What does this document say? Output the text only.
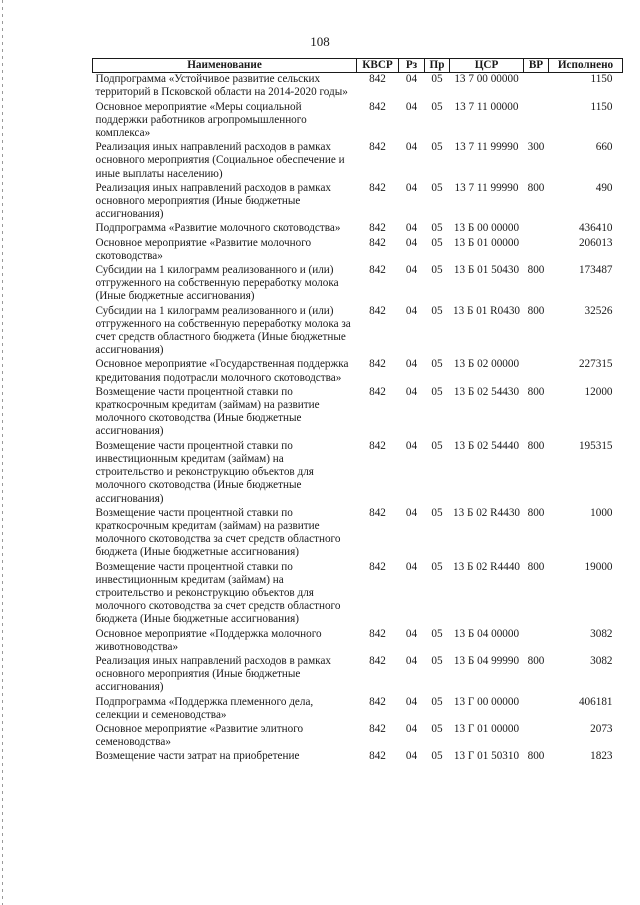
108
Наименование	КВСР	Рз	Пр	ЦСР	ВР	Исполнено
Подпрограмма «Устойчивое развитие сельских территорий в Псковской области на 2014-2020 годы»	842	04	05	13 7 00 00000		1150
Основное мероприятие «Меры социальной поддержки работников агропромышленного комплекса»	842	04	05	13 7 11 00000		1150
Реализация иных направлений расходов в рамках основного мероприятия (Социальное обеспечение и иные выплаты населению)	842	04	05	13 7 11 99990	300	660
Реализация иных направлений расходов в рамках основного мероприятия (Иные бюджетные ассигнования)	842	04	05	13 7 11 99990	800	490
Подпрограмма «Развитие молочного скотоводства»	842	04	05	13 Б 00 00000		436410
Основное мероприятие «Развитие молочного скотоводства»	842	04	05	13 Б 01 00000		206013
Субсидии на 1 килограмм реализованного и (или) отгруженного на собственную переработку молока (Иные бюджетные ассигнования)	842	04	05	13 Б 01 50430	800	173487
Субсидии на 1 килограмм реализованного и (или) отгруженного на собственную переработку молока за счет средств областного бюджета (Иные бюджетные ассигнования)	842	04	05	13 Б 01 R0430	800	32526
Основное мероприятие «Государственная поддержка кредитования подотрасли молочного скотоводства»	842	04	05	13 Б 02 00000		227315
Возмещение части процентной ставки по краткосрочным кредитам (займам) на развитие молочного скотоводства (Иные бюджетные ассигнования)	842	04	05	13 Б 02 54430	800	12000
Возмещение части процентной ставки по инвестиционным кредитам (займам) на строительство и реконструкцию объектов для молочного скотоводства (Иные бюджетные ассигнования)	842	04	05	13 Б 02 54440	800	195315
Возмещение части процентной ставки по краткосрочным кредитам (займам) на развитие молочного скотоводства за счет средств областного бюджета (Иные бюджетные ассигнования)	842	04	05	13 Б 02 R4430	800	1000
Возмещение части процентной ставки по инвестиционным кредитам (займам) на строительство и реконструкцию объектов для молочного скотоводства за счет средств областного бюджета (Иные бюджетные ассигнования)	842	04	05	13 Б 02 R4440	800	19000
Основное мероприятие «Поддержка молочного животноводства»	842	04	05	13 Б 04 00000		3082
Реализация иных направлений расходов в рамках основного мероприятия (Иные бюджетные ассигнования)	842	04	05	13 Б 04 99990	800	3082
Подпрограмма «Поддержка племенного дела, селекции и семеноводства»	842	04	05	13 Г 00 00000		406181
Основное мероприятие «Развитие элитного семеноводства»	842	04	05	13 Г 01 00000		2073
Возмещение части затрат на приобретение	842	04	05	13 Г 01 50310	800	1823
